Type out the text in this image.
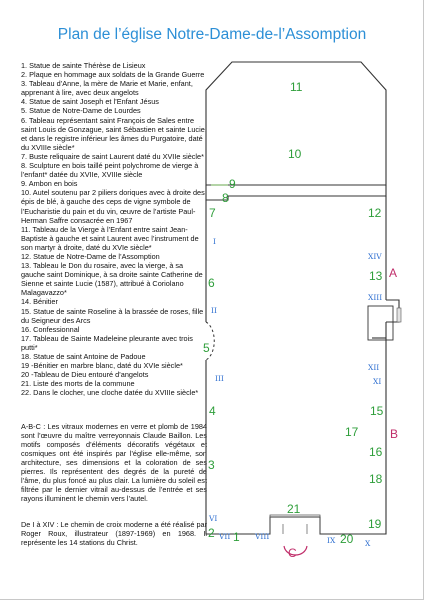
Plan de l’église Notre-Dame-de-l’Assomption
1. Statue de sainte Thérèse de Lisieux
2. Plaque en hommage aux soldats de la Grande Guerre
3. Tableau d’Anne, la mère de Marie et Marie, enfant, apprenant à lire, avec deux angelots
4. Statue de saint Joseph et l’Enfant Jésus
5. Statue de Notre-Dame de Lourdes
6. Tableau représentant saint François de Sales entre saint Louis de Gonzague, saint Sébastien et sainte Lucie, et dans le registre inférieur les âmes du Purgatoire, daté du XVIIIe siècle*
7. Buste reliquaire de saint Laurent daté du XVIIe siècle*
8. Sculpture en bois taillé peint polychrome de vierge à l’enfant* datée du XVIIe, XVIIIe siècle
9. Ambon en bois
10. Autel soutenu par 2 piliers doriques avec à droite des épis de blé, à gauche des ceps de vigne symbole de l’Eucharistie du pain et du vin, œuvre de l’artiste Paul-Herman Saffre consacrée en 1967
11. Tableau de la Vierge à l’Enfant entre saint Jean-Baptiste à gauche et saint Laurent avec l’instrument de son martyr à droite, daté du XVIe siècle*
12. Statue de Notre-Dame de l’Assomption
13. Tableau le Don du rosaire, avec la vierge, à sa gauche saint Dominique, à sa droite sainte Catherine de Sienne et sainte Lucie (1587), attribué à Coriolano Malagavazzo*
14. Bénitier
15. Statue de sainte Roseline à la brassée de roses, fille du Seigneur des Arcs
16. Confessionnal
17. Tableau de Sainte Madeleine pleurante avec trois putti*
18. Statue de saint Antoine de Padoue
19 -Bénitier en marbre blanc, daté du XVIe siècle*
20 -Tableau de Dieu entouré d’angelots
21. Liste des morts de la commune
22. Dans le clocher, une cloche datée du XVIIIe siècle*

A-B-C : Les vitraux modernes en verre et plomb de 1984 sont l’œuvre du maître verreyonnais Claude Baillon. Les motifs composés d’éléments décoratifs végétaux et cosmiques ont été inspirés par l’église elle-même, son architecture, ses dimensions et la coloration de ses pierres. Ils représentent des degrés de la pureté de l’âme, du plus foncé au plus clair. La lumière du soleil est filtrée par le dernier vitrail au-dessus de l’entrée et ses rayons illuminent le chemin vers l’autel.

De I à XIV : Le chemin de croix moderne a été réalisé par Roger Roux, illustrateur (1897-1969) en 1968. Il représente les 14 stations du Christ.

11
10
9
8
7	12
13
6
5
4	15
17
16
3
18
21
19
2 1	20
I
II
III
XIV
XIII
XII
XI
VI
VII	VIII	IX	X
A
B
C
